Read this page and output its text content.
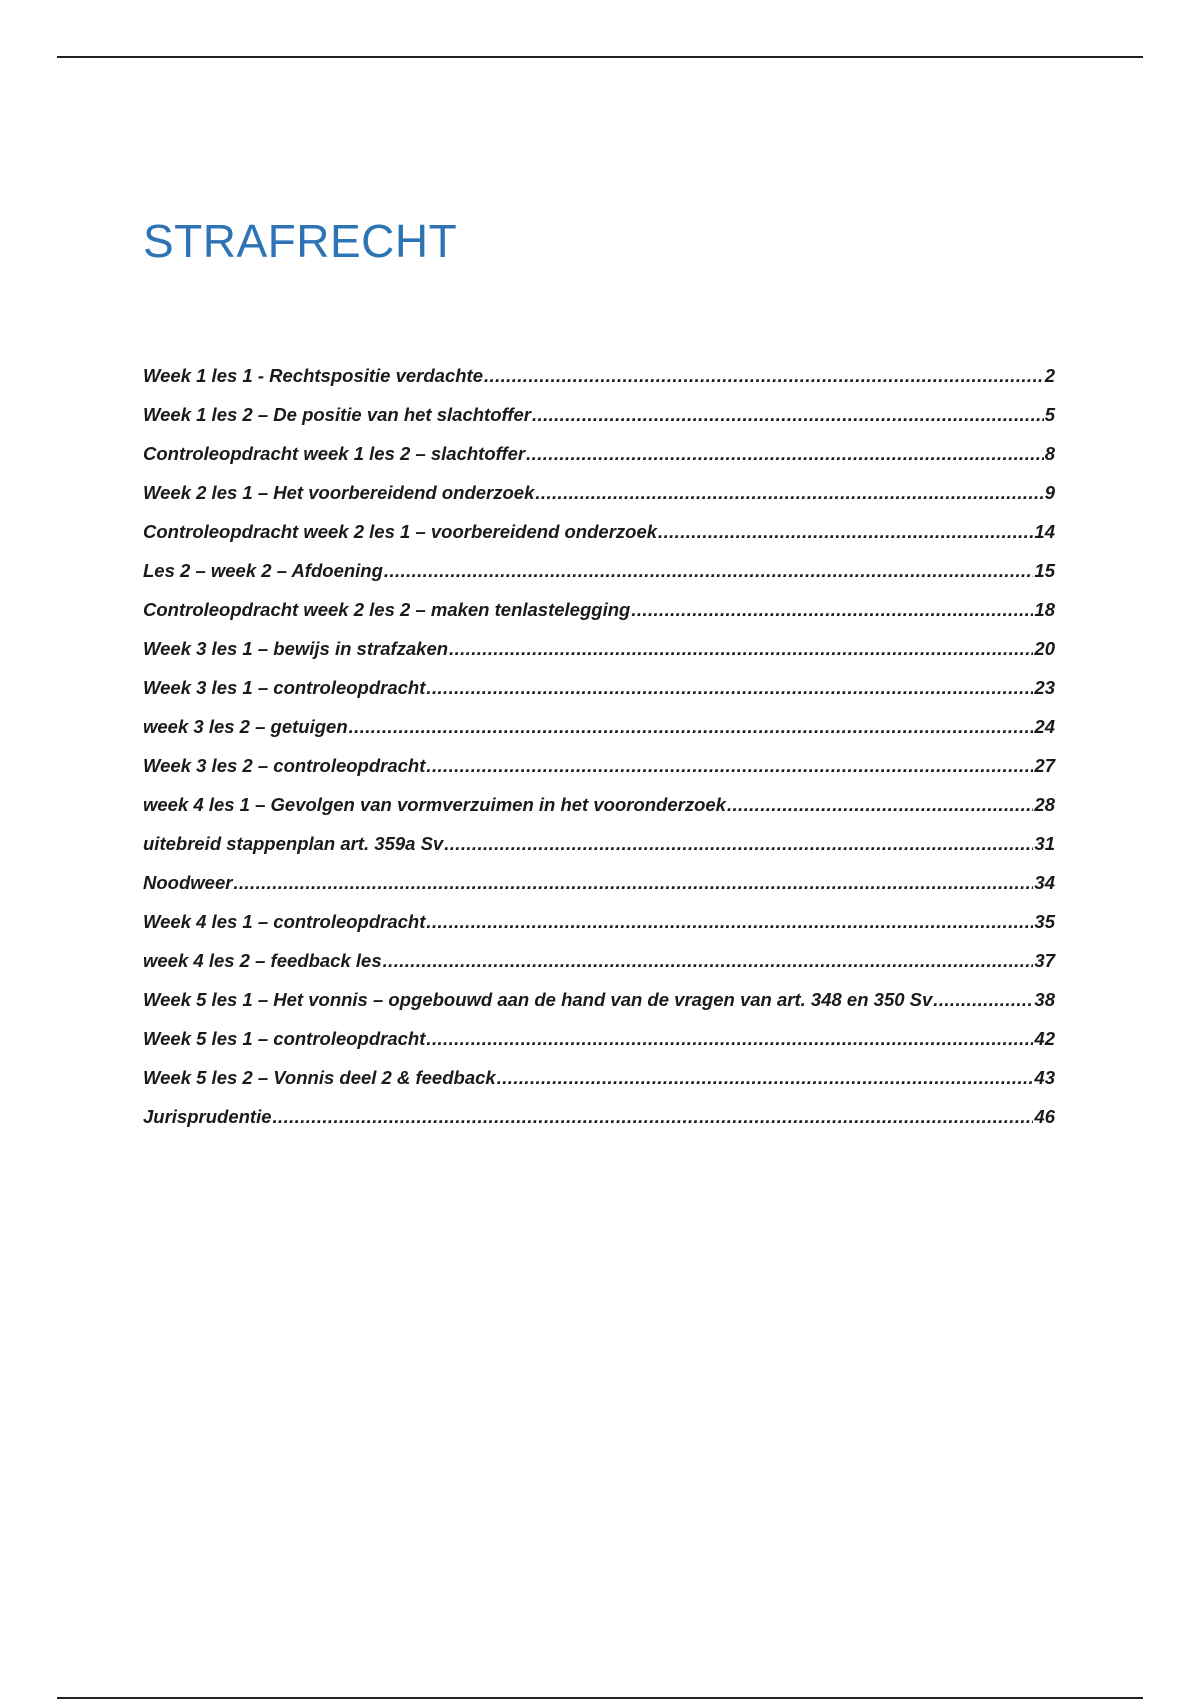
STRAFRECHT
Week 1 les 1 - Rechtspositie verdachte .....	2
Week 1 les 2 – De positie van het slachtoffer .....	5
Controleopdracht week 1 les 2 – slachtoffer .....	8
Week 2 les 1 – Het voorbereidend onderzoek .....	9
Controleopdracht week 2 les 1 – voorbereidend onderzoek .....	14
Les 2 – week 2 – Afdoening .....	15
Controleopdracht week 2 les 2 – maken tenlastelegging .....	18
Week 3 les 1 – bewijs in strafzaken .....	20
Week 3 les 1 – controleopdracht .....	23
week 3 les 2 – getuigen .....	24
Week 3 les 2 – controleopdracht .....	27
week 4 les 1 – Gevolgen van vormverzuimen in het vooronderzoek .....	28
uitebreid stappenplan art. 359a Sv .....	31
Noodweer .....	34
Week 4 les 1 – controleopdracht .....	35
week 4 les 2 – feedback les .....	37
Week 5 les 1 – Het vonnis – opgebouwd aan de hand van de vragen van art. 348 en 350 Sv .....	38
Week 5 les 1 – controleopdracht .....	42
Week 5 les 2 – Vonnis deel 2 & feedback .....	43
Jurisprudentie .....	46
